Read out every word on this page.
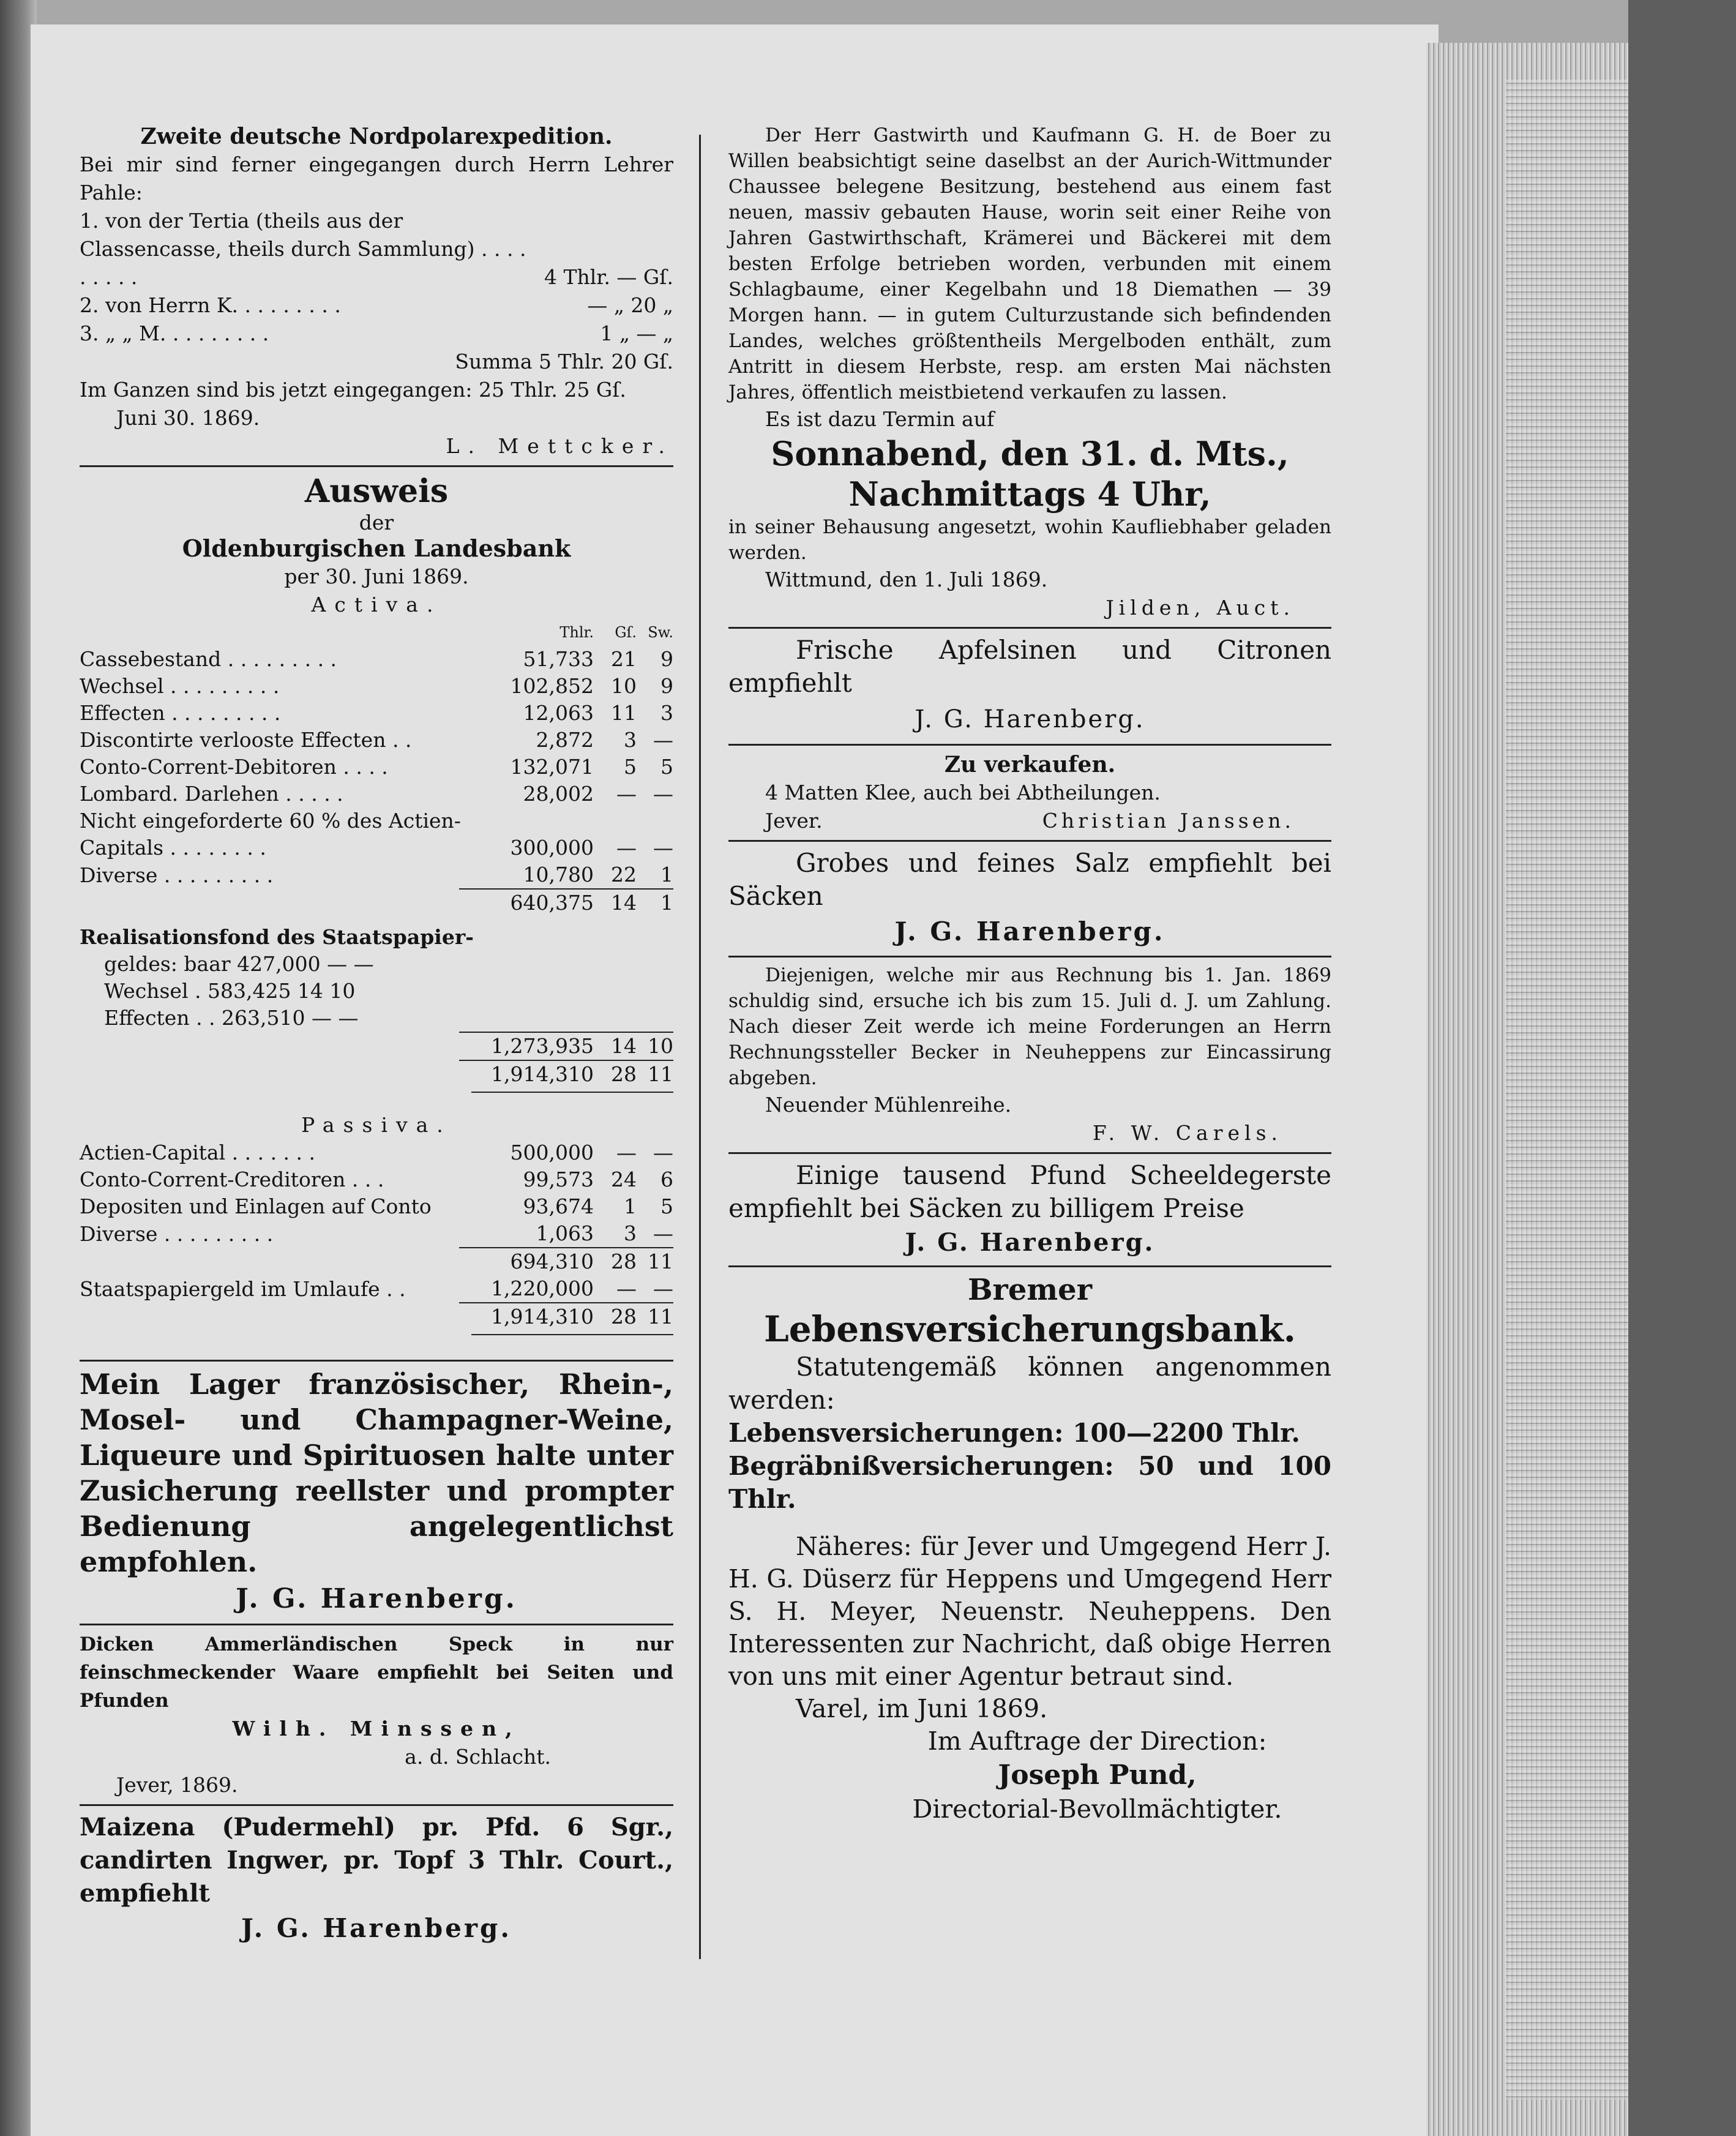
Zweite deutsche Nordpolarexpedition.

Bei mir sind ferner eingegangen durch Herrn Lehrer Pahle:

1. von der Tertia (theils aus der Classencasse, theils durch Sammlung) . . . . . . . . .	4 Thlr. — Gſ.
2. von Herrn K. . . . . . . . .	— „ 20 „
3. „ „ M. . . . . . . . .	1 „ — „

Summa 5 Thlr. 20 Gſ.

Im Ganzen sind bis jetzt eingegangen: 25 Thlr. 25 Gſ.

Juni 30. 1869.

L. Mettcker.

Ausweis

der

Oldenburgischen Landesbank

per 30. Juni 1869.

Activa.

	Thlr.	Gſ.	Sw.
Cassebestand . . . . . . . . .	51,733	21	9
Wechsel . . . . . . . . .	102,852	10	9
Effecten . . . . . . . . .	12,063	11	3
Discontirte verlooste Effecten . .	2,872	3	—
Conto-Corrent-Debitoren . . . .	132,071	5	5
Lombard. Darlehen . . . . .	28,002	—	—
Nicht eingeforderte 60 % des Actien-			
Capitals . . . . . . . .	300,000	—	—
Diverse . . . . . . . . .	10,780	22	1
	640,375	14	1

Realisationsfond des Staatspapier-

geldes: baar 427,000 — —

Wechsel . 583,425 14 10

Effecten . . 263,510 — —

	1,273,935	14	10
	1,914,310	28	11

Passiva.

Actien-Capital . . . . . . .	500,000	—	—
Conto-Corrent-Creditoren . . .	99,573	24	6
Depositen und Einlagen auf Conto	93,674	1	5
Diverse . . . . . . . . .	1,063	3	—
	694,310	28	11
Staatspapiergeld im Umlaufe . .	1,220,000	—	—
	1,914,310	28	11

Mein Lager französischer, Rhein-, Mosel- und Champagner-Weine, Liqueure und Spirituosen halte unter Zusicherung reellster und prompter Bedienung angelegentlichst empfohlen.

J. G. Harenberg.

Dicken Ammerländischen Speck in nur feinschmeckender Waare empfiehlt bei Seiten und Pfunden

Wilh. Minssen,

a. d. Schlacht.

Jever, 1869.

Maizena (Pudermehl) pr. Pfd. 6 Sgr., candirten Ingwer, pr. Topf 3 Thlr. Court., empfiehlt

J. G. Harenberg.

Der Herr Gastwirth und Kaufmann G. H. de Boer zu Willen beabsichtigt seine daselbst an der Aurich-Wittmunder Chaussee belegene Besitzung, bestehend aus einem fast neuen, massiv gebauten Hause, worin seit einer Reihe von Jahren Gastwirthschaft, Krämerei und Bäckerei mit dem besten Erfolge betrieben worden, verbunden mit einem Schlagbaume, einer Kegelbahn und 18 Diemathen — 39 Morgen hann. — in gutem Culturzustande sich befindenden Landes, welches größtentheils Mergelboden enthält, zum Antritt in diesem Herbste, resp. am ersten Mai nächsten Jahres, öffentlich meistbietend verkaufen zu lassen.

Es ist dazu Termin auf

Sonnabend, den 31. d. Mts.,

Nachmittags 4 Uhr,

in seiner Behausung angesetzt, wohin Kaufliebhaber geladen werden.

Wittmund, den 1. Juli 1869.

Jilden, Auct.

Frische Apfelsinen und Citronen empfiehlt

J. G. Harenberg.

Zu verkaufen.

4 Matten Klee, auch bei Abtheilungen.

Jever.	Christian Janssen.

Grobes und feines Salz empfiehlt bei Säcken

J. G. Harenberg.

Diejenigen, welche mir aus Rechnung bis 1. Jan. 1869 schuldig sind, ersuche ich bis zum 15. Juli d. J. um Zahlung. Nach dieser Zeit werde ich meine Forderungen an Herrn Rechnungssteller Becker in Neuheppens zur Eincassirung abgeben.

Neuender Mühlenreihe.

F. W. Carels.

Einige tausend Pfund Scheeldegerste empfiehlt bei Säcken zu billigem Preise

J. G. Harenberg.

Bremer

Lebensversicherungsbank.

Statutengemäß können angenommen werden:

Lebensversicherungen: 100—2200 Thlr.

Begräbnißversicherungen: 50 und 100 Thlr.

Näheres: für Jever und Umgegend Herr J. H. G. Düserz für Heppens und Umgegend Herr S. H. Meyer, Neuenstr. Neuheppens. Den Interessenten zur Nachricht, daß obige Herren von uns mit einer Agentur betraut sind.

Varel, im Juni 1869.

Im Auftrage der Direction:

Joseph Pund,

Directorial-Bevollmächtigter.
